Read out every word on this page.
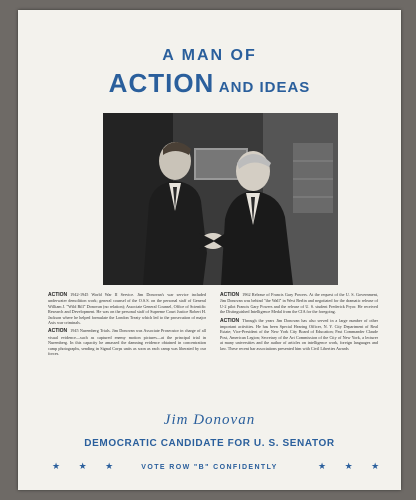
A MAN OF
ACTION AND IDEAS
ACTION 1942-1945 World War II Service. Jim Donovan's war service included underwater demolition work; general counsel of the O.S.S. on the personal staff of General William J. "Wild Bill" Donovan (no relation); Associate General Counsel, Office of Scientific Research and Development. He was on the personal staff of Supreme Court Justice Robert H. Jackson where he helped formulate the London Treaty which led to the prosecution of major Axis war criminals.
ACTION 1945 Nuremberg Trials. Jim Donovan was Associate Prosecutor in charge of all visual evidence—such as captured enemy motion pictures—at the principal trial in Nuremberg. In this capacity he amassed the damning evidence obtained in concentration camp photographs, sending in Signal Corps units as soon as each camp was liberated by our forces.
ACTION 1962 Release of Francis Gary Powers. At the request of the U. S. Government, Jim Donovan was behind "the Wall" in West Berlin and negotiated for the dramatic release of U-2 pilot Francis Gary Powers and the release of U. S. student Frederick Pryor. He received the Distinguished Intelligence Medal from the CIA for the foregoing.
ACTION Through the years Jim Donovan has also served in a large number of other important activities. He has been Special Hearing Officer, N. Y. City Department of Real Estate; Vice-President of the New York City Board of Education; Past Commander Claude Post, American Legion; Secretary of the Art Commission of the City of New York, a lecturer at many universities and the author of articles on intelligence work, foreign languages and law. These recent bar associations presented him with Civil Liberties Awards
Jim Donovan
DEMOCRATIC CANDIDATE FOR U. S. SENATOR
★ ★ ★	VOTE ROW "B" CONFIDENTLY	★ ★ ★
